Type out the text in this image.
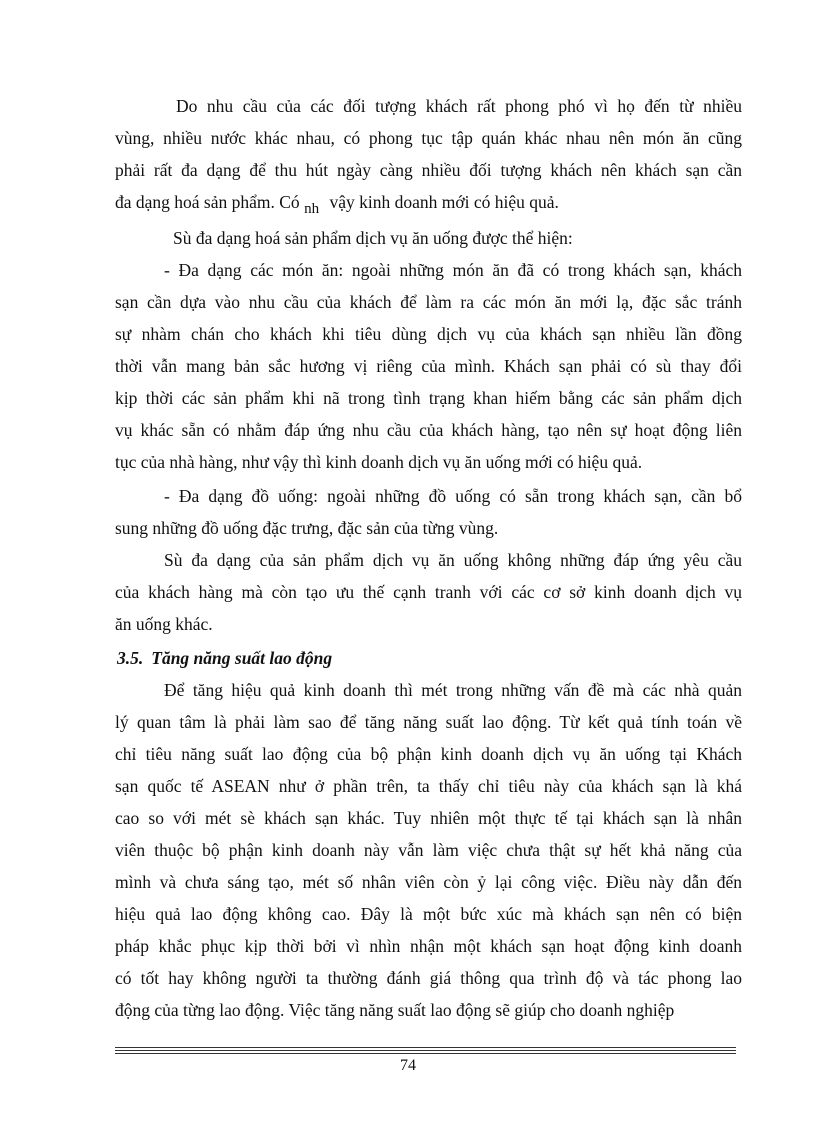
Do nhu cầu của các đối tượng khách rất phong phó vì họ đến từ nhiều
vùng, nhiều nước khác nhau, có phong tục tập quán khác nhau nên món ăn cũng
phải rất đa dạng để thu hút ngày càng nhiều đối tượng khách nên khách sạn cần
đa dạng hoá sản phẩm. Có nh vậy kinh doanh mới có hiệu quả.
Sù đa dạng hoá sản phẩm dịch vụ ăn uống được thể hiện:
- Đa dạng các món ăn: ngoài những món ăn đã có trong khách sạn, khách
sạn cần dựa vào nhu cầu của khách để làm ra các món ăn mới lạ, đặc sắc tránh
sự nhàm chán cho khách khi tiêu dùng dịch vụ của khách sạn nhiều lần đồng
thời vẫn mang bản sắc hương vị riêng của mình. Khách sạn phải có sù thay đổi
kịp thời các sản phẩm khi nã trong tình trạng khan hiếm bằng các sản phẩm dịch
vụ khác sẵn có nhằm đáp ứng nhu cầu của khách hàng, tạo nên sự hoạt động liên
tục của nhà hàng, như vậy thì kinh doanh dịch vụ ăn uống mới có hiệu quả.
- Đa dạng đồ uống: ngoài những đồ uống có sẵn trong khách sạn, cần bổ
sung những đồ uống đặc trưng, đặc sản của từng vùng.
Sù đa dạng của sản phẩm dịch vụ ăn uống không những đáp ứng yêu cầu
của khách hàng mà còn tạo ưu thế cạnh tranh với các cơ sở kinh doanh dịch vụ
ăn uống khác.
3.5. Tăng năng suất lao động
Để tăng hiệu quả kinh doanh thì mét trong những vấn đề mà các nhà quản
lý quan tâm là phải làm sao để tăng năng suất lao động. Từ kết quả tính toán về
chỉ tiêu năng suất lao động của bộ phận kinh doanh dịch vụ ăn uống tại Khách
sạn quốc tế ASEAN như ở phần trên, ta thấy chỉ tiêu này của khách sạn là khá
cao so với mét sè khách sạn khác. Tuy nhiên một thực tế tại khách sạn là nhân
viên thuộc bộ phận kinh doanh này vẫn làm việc chưa thật sự hết khả năng của
mình và chưa sáng tạo, mét số nhân viên còn ỷ lại công việc. Điều này dẫn đến
hiệu quả lao động không cao. Đây là một bức xúc mà khách sạn nên có biện
pháp khắc phục kịp thời bởi vì nhìn nhận một khách sạn hoạt động kinh doanh
có tốt hay không người ta thường đánh giá thông qua trình độ và tác phong lao
động của từng lao động. Việc tăng năng suất lao động sẽ giúp cho doanh nghiệp
74
